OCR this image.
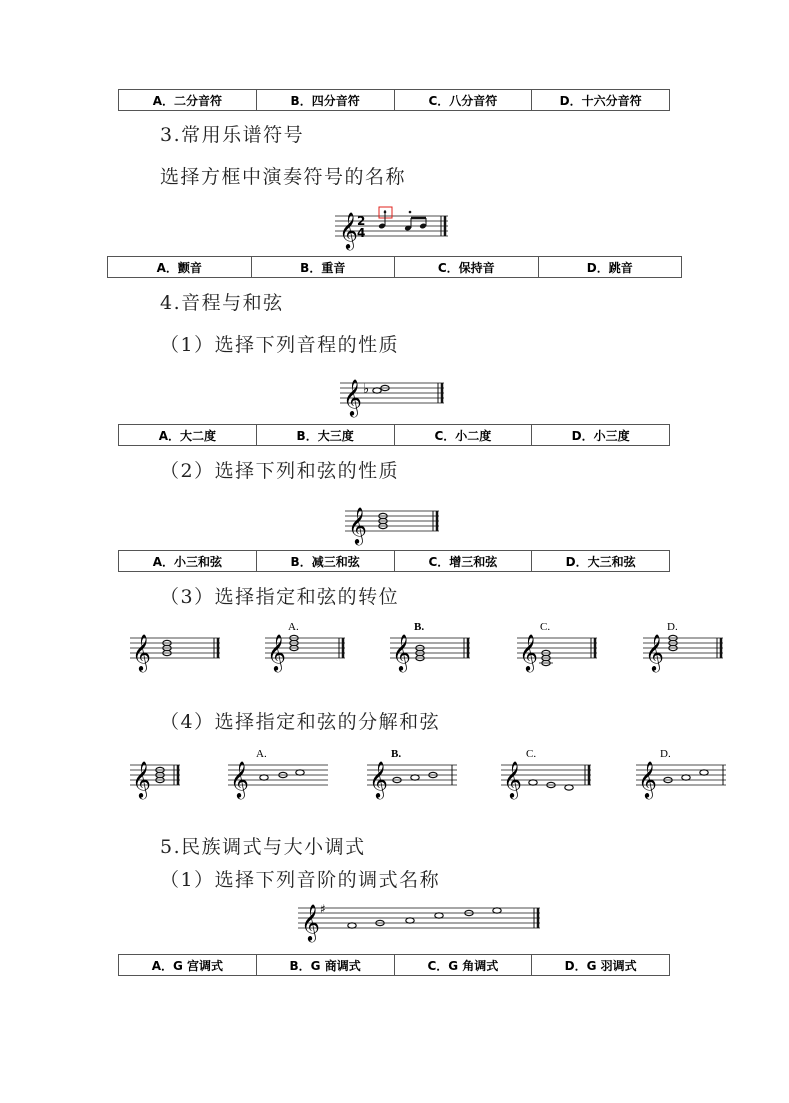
A．二分音符	B．四分音符	C．八分音符	D．十六分音符
3.常用乐谱符号
选择方框中演奏符号的名称
𝄞 2
4
A．颤音	B．重音	C．保持音	D．跳音
4.音程与和弦
（1）选择下列音程的性质
𝄞 ♭
A．大二度	B．大三度	C．小二度	D．小三度
（2）选择下列和弦的性质
𝄞
A．小三和弦	B．减三和弦	C．增三和弦	D．大三和弦
（3）选择指定和弦的转位
𝄞
A.
𝄞
B.
𝄞
C.
𝄞
D.
𝄞
（4）选择指定和弦的分解和弦
𝄞
A.
𝄞
B.
𝄞
C.
𝄞
D.
𝄞
5.民族调式与大小调式
（1）选择下列音阶的调式名称
𝄞 ♯
A．G 宫调式	B．G 商调式	C．G 角调式	D．G 羽调式
